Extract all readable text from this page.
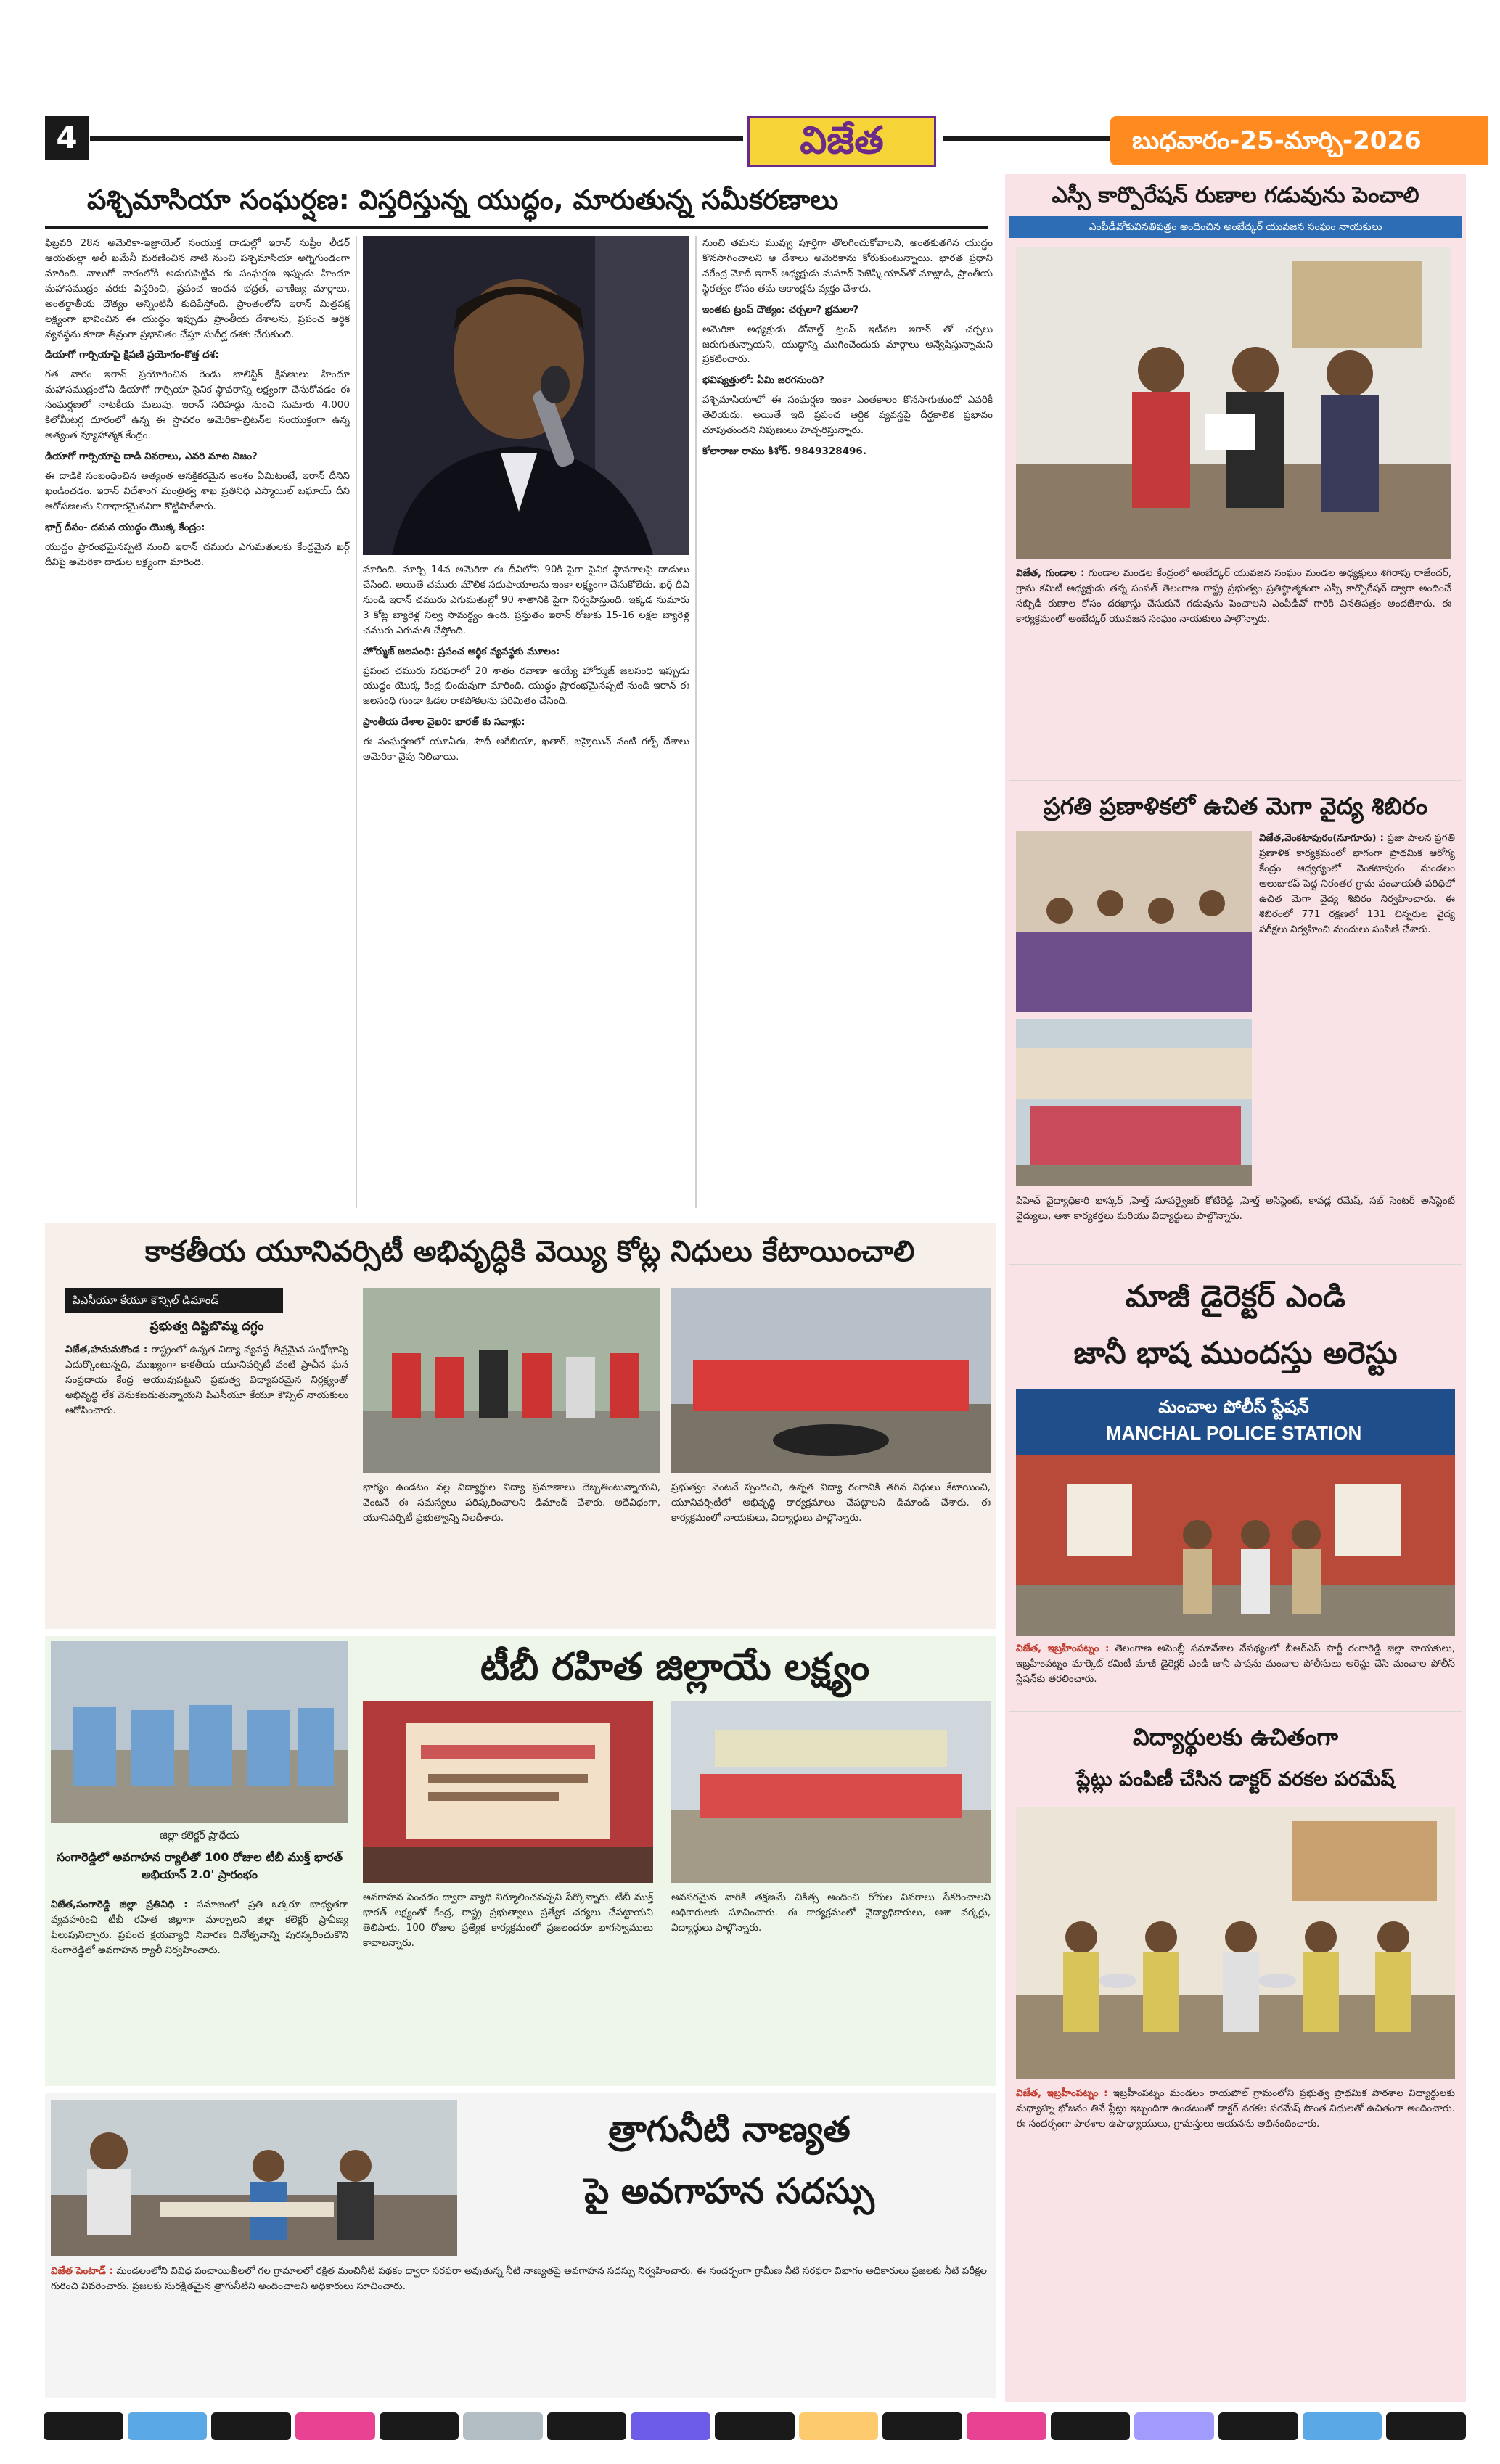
4	విజేత	బుధవారం-25-మార్చి-2026
పశ్చిమాసియా సంఘర్షణ: విస్తరిస్తున్న యుద్ధం, మారుతున్న సమీకరణాలు

ఫిబ్రవరి 28న అమెరికా-ఇజ్రాయెల్ సంయుక్త దాడుల్లో ఇరాన్ సుప్రీం లీడర్ ఆయతుల్లా అలీ ఖమేనీ మరణించిన నాటి నుంచి పశ్చిమాసియా అగ్నిగుండంగా మారింది. నాలుగో వారంలోకి అడుగుపెట్టిన ఈ సంఘర్షణ ఇప్పుడు హిందూ మహాసముద్రం వరకు విస్తరించి, ప్రపంచ ఇంధన భద్రత, వాణిజ్య మార్గాలు, అంతర్జాతీయ దౌత్యం అన్నింటినీ కుదిపేస్తోంది. ప్రాంతంలోని ఇరాన్ మిత్రపక్ష లక్ష్యంగా భావించిన ఈ యుద్ధం ఇప్పుడు ప్రాంతీయ దేశాలను, ప్రపంచ ఆర్థిక వ్యవస్థను కూడా తీవ్రంగా ప్రభావితం చేస్తూ సుదీర్ఘ దశకు చేరుకుంది.

డియాగో గార్సియాపై క్షిపణి ప్రయోగం-కొత్త దశ:

గత వారం ఇరాన్ ప్రయోగించిన రెండు బాలిస్టిక్ క్షిపణులు హిందూ మహాసముద్రంలోని డియాగో గార్సియా సైనిక స్థావరాన్ని లక్ష్యంగా చేసుకోవడం ఈ సంఘర్షణలో నాటకీయ మలుపు. ఇరాన్ సరిహద్దు నుంచి సుమారు 4,000 కిలోమీటర్ల దూరంలో ఉన్న ఈ స్థావరం అమెరికా-బ్రిటన్‌ల సంయుక్తంగా ఉన్న అత్యంత వ్యూహాత్మక కేంద్రం.

డియాగో గార్సియాపై దాడి వివరాలు, ఎవరి మాట నిజం?

ఈ దాడికి సంబంధించిన అత్యంత ఆసక్తికరమైన అంశం ఏమిటంటే, ఇరాన్ దీనిని ఖండించడం. ఇరాన్ విదేశాంగ మంత్రిత్వ శాఖ ప్రతినిధి ఎస్మాయిల్ బఘాయ్ దీని ఆరోపణలను నిరాధారమైనవిగా కొట్టిపారేశారు.

భాగ్ర్ దీపం- దమన యుద్ధం యొక్క కేంద్రం:

యుద్ధం ప్రారంభమైనప్పటి నుంచి ఇరాన్ చమురు ఎగుమతులకు కేంద్రమైన ఖర్గ్ దీవిపై అమెరికా దాడుల లక్ష్యంగా మారింది.

మారింది. మార్చి 14న అమెరికా ఈ దీవిలోని 90కి పైగా సైనిక స్థావరాలపై దాడులు చేసింది. అయితే చమురు మౌలిక సదుపాయాలను ఇంకా లక్ష్యంగా చేసుకోలేదు. ఖర్గ్ దీవి నుండి ఇరాన్ చమురు ఎగుమతుల్లో 90 శాతానికి పైగా నిర్వహిస్తుంది. ఇక్కడ సుమారు 3 కోట్ల బ్యారెళ్ల నిల్వ సామర్థ్యం ఉంది. ప్రస్తుతం ఇరాన్ రోజుకు 15-16 లక్షల బ్యారెళ్ల చమురు ఎగుమతి చేస్తోంది.

హోర్ముజ్ జలసంధి: ప్రపంచ ఆర్థిక వ్యవస్థకు మూలం:

ప్రపంచ చమురు సరఫరాలో 20 శాతం రవాణా అయ్యే హోర్ముజ్ జలసంధి ఇప్పుడు యుద్ధం యొక్క కేంద్ర బిందువుగా మారింది. యుద్ధం ప్రారంభమైనప్పటి నుండి ఇరాన్ ఈ జలసంధి గుండా ఓడల రాకపోకలను పరిమితం చేసింది.

ప్రాంతీయ దేశాల వైఖరి: భారత్ కు సవాళ్లు:

ఈ సంఘర్షణలో యూఏఈ, సౌదీ అరేబియా, ఖతార్, బహ్రెయిన్ వంటి గల్ఫ్ దేశాలు అమెరికా వైపు నిలిచాయి.

నుంచి తమను మువ్వు పూర్తిగా తొలగించుకోవాలని, అంతకుతగిన యుద్ధం కొనసాగించాలని ఆ దేశాలు అమెరికాను కోరుకుంటున్నాయి. భారత ప్రధాని నరేంద్ర మోదీ ఇరాన్ అధ్యక్షుడు మసూద్ పెజెష్కియాన్‌తో మాట్లాడి, ప్రాంతీయ స్థిరత్వం కోసం తమ ఆకాంక్షను వ్యక్తం చేశారు.

ఇంతకు ట్రంప్ దౌత్యం: చర్చలా? భ్రమలా?

అమెరికా అధ్యక్షుడు డోనాల్డ్ ట్రంప్ ఇటీవల ఇరాన్ తో చర్చలు జరుగుతున్నాయని, యుద్ధాన్ని ముగించేందుకు మార్గాలు అన్వేషిస్తున్నామని ప్రకటించారు.

భవిష్యత్తులో: ఏమి జరగనుంది?

పశ్చిమాసియాలో ఈ సంఘర్షణ ఇంకా ఎంతకాలం కొనసాగుతుందో ఎవరికీ తెలియదు. అయితే ఇది ప్రపంచ ఆర్థిక వ్యవస్థపై దీర్ఘకాలిక ప్రభావం చూపుతుందని నిపుణులు హెచ్చరిస్తున్నారు.

కోలారాజు రాము కిశోర్. 9849328496.

కాకతీయ యూనివర్సిటీ అభివృద్ధికి వెయ్యి కోట్ల నిధులు కేటాయించాలి
పిఎసీయూ కేయూ కౌన్సిల్ డిమాండ్
ప్రభుత్వ దిష్టిబొమ్మ దగ్ధం
విజేత,హనుమకొండ : రాష్ట్రంలో ఉన్నత విద్యా వ్యవస్థ తీవ్రమైన సంక్షోభాన్ని ఎదుర్కొంటున్నది, ముఖ్యంగా కాకతీయ యూనివర్సిటీ వంటి ప్రాచీన ఘన సంప్రదాయ కేంద్ర ఆయువుపట్టుని ప్రభుత్వ విద్యాపరమైన నిర్లక్ష్యంతో అభివృద్ధి లేక వెనుకబడుతున్నాయని పిఎసీయూ కేయూ కౌన్సిల్ నాయకులు ఆరోపించారు.
భాగ్యం ఉండటం వల్ల విద్యార్థుల విద్యా ప్రమాణాలు దెబ్బతింటున్నాయని, వెంటనే ఈ సమస్యలు పరిష్కరించాలని డిమాండ్ చేశారు. అదేవిధంగా, యూనివర్సిటీ ప్రభుత్వాన్ని నిలదీశారు.
ప్రభుత్వం వెంటనే స్పందించి, ఉన్నత విద్యా రంగానికి తగిన నిధులు కేటాయించి, యూనివర్సిటీలో అభివృద్ధి కార్యక్రమాలు చేపట్టాలని డిమాండ్ చేశారు. ఈ కార్యక్రమంలో నాయకులు, విద్యార్థులు పాల్గొన్నారు.
టీబీ రహిత జిల్లాయే లక్ష్యం
జిల్లా కలెక్టర్ ప్రాధేయ
సంగారెడ్డిలో అవగాహన ర్యాలీతో 100 రోజుల టీబీ ముక్త్ భారత్ అభియాన్ 2.0' ప్రారంభం
విజేత,సంగారెడ్డి జిల్లా ప్రతినిధి : సమాజంలో ప్రతి ఒక్కరూ బాధ్యతగా వ్యవహరించి టీబీ రహిత జిల్లాగా మార్చాలని జిల్లా కలెక్టర్ ప్రావీణ్య పిలుపునిచ్చారు. ప్రపంచ క్షయవ్యాధి నివారణ దినోత్సవాన్ని పురస్కరించుకొని సంగారెడ్డిలో అవగాహన ర్యాలీ నిర్వహించారు.
అవగాహన పెంచడం ద్వారా వ్యాధి నిర్మూలించవచ్చని పేర్కొన్నారు. టీబీ ముక్త్ భారత్ లక్ష్యంతో కేంద్ర, రాష్ట్ర ప్రభుత్వాలు ప్రత్యేక చర్యలు చేపట్టాయని తెలిపారు. 100 రోజుల ప్రత్యేక కార్యక్రమంలో ప్రజలందరూ భాగస్వాములు కావాలన్నారు.
అవసరమైన వారికి తక్షణమే చికిత్స అందించి రోగుల వివరాలు సేకరించాలని అధికారులకు సూచించారు. ఈ కార్యక్రమంలో వైద్యాధికారులు, ఆశా వర్కర్లు, విద్యార్థులు పాల్గొన్నారు.
త్రాగునీటి నాణ్యత
పై అవగాహన సదస్సు
విజేత పెంటాడ్ : మండలంలోని వివిధ పంచాయితీలలో గల గ్రామాలలో రక్షిత మంచినీటి పథకం ద్వారా సరఫరా అవుతున్న నీటి నాణ్యతపై అవగాహన సదస్సు నిర్వహించారు. ఈ సందర్భంగా గ్రామీణ నీటి సరఫరా విభాగం అధికారులు ప్రజలకు నీటి పరీక్షల గురించి వివరించారు. ప్రజలకు సురక్షితమైన త్రాగునీటిని అందించాలని అధికారులు సూచించారు.
ఎస్సీ కార్పొరేషన్ రుణాల గడువును పెంచాలి
ఎంపీడీవోకువినతిపత్రం అందించిన అంబేద్కర్ యువజన సంఘం నాయకులు
విజేత, గుండాల : గుండాల మండల కేంద్రంలో అంబేద్కర్ యువజన సంఘం మండల అధ్యక్షులు శిగిరాపు రాజేందర్, గ్రామ కమిటీ అధ్యక్షుడు తన్న సంపత్ తెలంగాణ రాష్ట్ర ప్రభుత్వం ప్రతిష్ఠాత్మకంగా ఎస్సీ కార్పొరేషన్ ద్వారా అందించే సబ్సిడీ రుణాల కోసం దరఖాస్తు చేసుకునే గడువును పెంచాలని ఎంపీడీవో గారికి వినతిపత్రం అందజేశారు. ఈ కార్యక్రమంలో అంబేద్కర్ యువజన సంఘం నాయకులు పాల్గొన్నారు.
ప్రగతి ప్రణాళికలో ఉచిత మెగా వైద్య శిబిరం
విజేత,వెంకటాపురం(నూగూరు) : ప్రజా పాలన ప్రగతి ప్రణాళిక కార్యక్రమంలో భాగంగా ప్రాథమిక ఆరోగ్య కేంద్రం ఆధ్వర్యంలో వెంకటాపురం మండలం ఆలుబాకప్ పెద్ద నిరంతర గ్రామ పంచాయతీ పరిధిలో ఉచిత మెగా వైద్య శిబిరం నిర్వహించారు. ఈ శిబిరంలో 771 రక్షణలో 131 చిన్నరుల వైద్య పరీక్షలు నిర్వహించి మందులు పంపిణీ చేశారు.
పిహెచ్ వైద్యాధికారి భాస్కర్ ,హెల్త్ సూపర్వైజర్ కోటిరెడ్డి ,హెల్త్ అసిస్టెంట్, కావడ్ల రమేష్, సబ్ సెంటర్ అసిస్టెంట్ వైద్యులు, ఆశా కార్యకర్తలు మరియు విద్యార్థులు పాల్గొన్నారు.
మాజీ డైరెక్టర్ ఎండి
జానీ భాష ముందస్తు అరెస్టు
మంచాల పోలీస్ స్టేషన్
MANCHAL POLICE STATION
విజేత, ఇబ్రహీంపట్నం : తెలంగాణ అసెంబ్లీ సమావేశాల నేపథ్యంలో బీఆర్ఎస్ పార్టీ రంగారెడ్డి జిల్లా నాయకులు, ఇబ్రహీంపట్నం మార్కెట్ కమిటీ మాజీ డైరెక్టర్ ఎండీ జానీ పాషను మంచాల పోలీసులు అరెస్టు చేసి మంచాల పోలీస్ స్టేషన్‌కు తరలించారు.
విద్యార్థులకు ఉచితంగా
ప్లేట్లు పంపిణీ చేసిన డాక్టర్ వరకల పరమేష్
విజేత, ఇబ్రహీంపట్నం : ఇబ్రహీంపట్నం మండలం రాయపోల్ గ్రామంలోని ప్రభుత్వ ప్రాథమిక పాఠశాల విద్యార్థులకు మధ్యాహ్న భోజనం తినే ప్లేట్లు ఇబ్బందిగా ఉండటంతో డాక్టర్ వరకల పరమేష్ సొంత నిధులతో ఉచితంగా అందించారు. ఈ సందర్భంగా పాఠశాల ఉపాధ్యాయులు, గ్రామస్తులు ఆయనను అభినందించారు.
